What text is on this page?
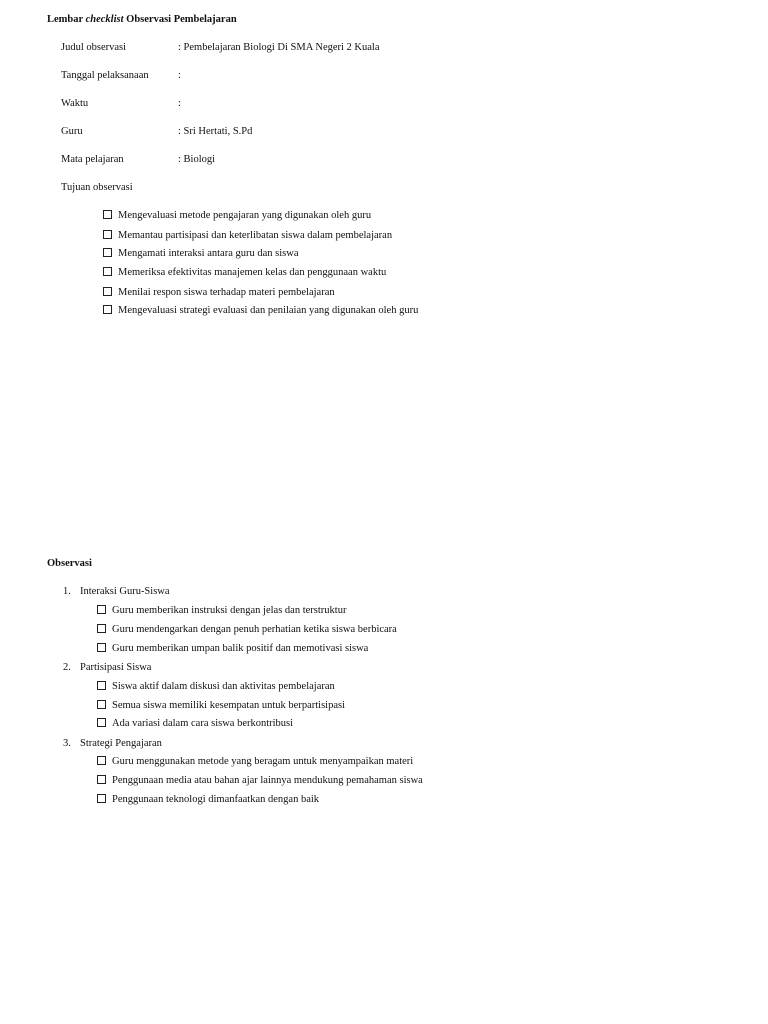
Lembar checklist Observasi Pembelajaran
Judul observasi	: Pembelajaran Biologi Di SMA Negeri 2 Kuala
Tanggal pelaksanaan	:
Waktu	:
Guru	: Sri Hertati, S.Pd
Mata pelajaran	: Biologi
Tujuan observasi
Mengevaluasi metode pengajaran yang digunakan oleh guru
Memantau partisipasi dan keterlibatan siswa dalam pembelajaran
Mengamati interaksi antara guru dan siswa
Memeriksa efektivitas manajemen kelas dan penggunaan waktu
Menilai respon siswa terhadap materi pembelajaran
Mengevaluasi strategi evaluasi dan penilaian yang digunakan oleh guru
Observasi
1. Interaksi Guru-Siswa
Guru memberikan instruksi dengan jelas dan terstruktur
Guru mendengarkan dengan penuh perhatian ketika siswa berbicara
Guru memberikan umpan balik positif dan memotivasi siswa
2. Partisipasi Siswa
Siswa aktif dalam diskusi dan aktivitas pembelajaran
Semua siswa memiliki kesempatan untuk berpartisipasi
Ada variasi dalam cara siswa berkontribusi
3. Strategi Pengajaran
Guru menggunakan metode yang beragam untuk menyampaikan materi
Penggunaan media atau bahan ajar lainnya mendukung pemahaman siswa
Penggunaan teknologi dimanfaatkan dengan baik
